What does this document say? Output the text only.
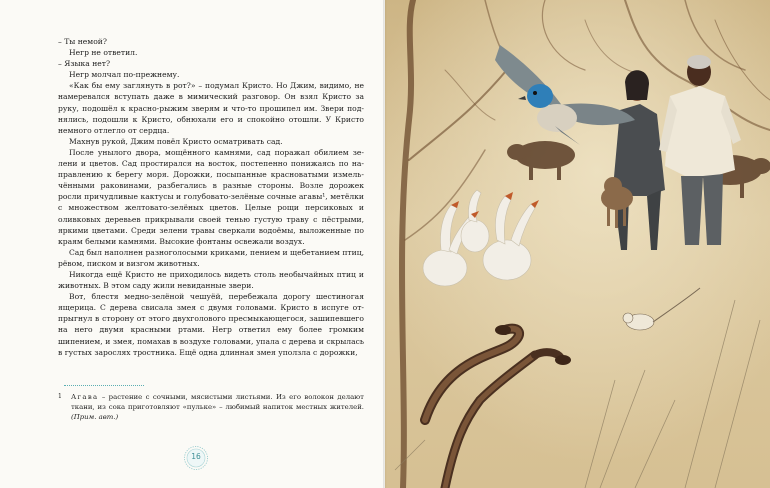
– Ты немой?

Негр не ответил.

– Языка нет?

Негр молчал по-прежнему.

«Как бы ему заглянуть в рот?» – подумал Кристо. Но Джим, видимо, не намеревался вступать даже в мимический разговор. Он взял Кристо за руку, подошёл к красно-рыжим зверям и что-то прошипел им. Звери поднялись, подошли к Кристо, обнюхали его и спокойно отошли. У Кристо немного отлегло от сердца.

Махнув рукой, Джим повёл Кристо осматривать сад.

После унылого двора, мощённого камнями, сад поражал обилием зелени и цветов. Сад простирался на восток, постепенно понижаясь по направлению к берегу моря. Дорожки, посыпанные красноватыми измельчёнными раковинами, разбегались в разные стороны. Возле дорожек росли причудливые кактусы и голубовато-зелёные сочные агавы¹, метёлки с множеством желтовато-зелёных цветов. Целые рощи персиковых и оливковых деревьев прикрывали своей тенью густую траву с пёстрыми, яркими цветами. Среди зелени травы сверкали водоёмы, выложенные по краям белыми камнями. Высокие фонтаны освежали воздух.

Сад был наполнен разноголосыми криками, пением и щебетанием птиц, рёвом, писком и визгом животных.

Никогда ещё Кристо не приходилось видеть столь необычайных птиц и животных. В этом саду жили невиданные звери.

Вот, блестя медно-зелёной чешуёй, перебежала дорогу шестиногая ящерица. С дерева свисала змея с двумя головами. Кристо в испуге отпрыгнул в сторону от этого двухголового пресмыкающегося, зашипевшего на него двумя красными ртами. Негр ответил ему более громким шипением, и змея, помахав в воздухе головами, упала с дерева и скрылась в густых зарослях тростника. Ещё одна длинная змея уползла с дорожки,

1	Агава – растение с сочными, мясистыми листьями. Из его волокон делают ткани, из сока приготовляют «пульке» – любимый напиток местных жителей. (Прим. авт.)
16
